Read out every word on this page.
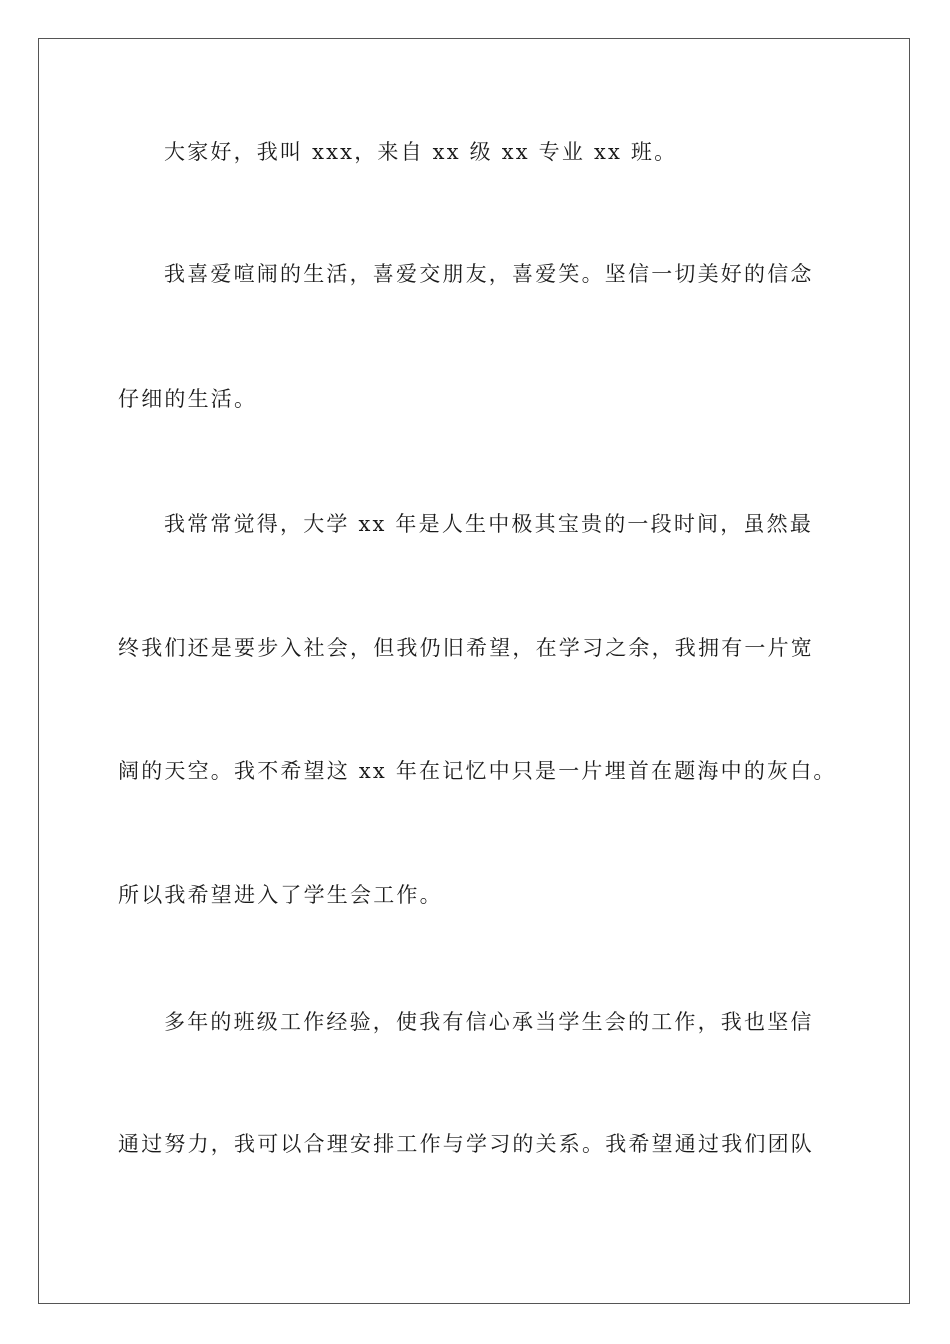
大家好，我叫 xxx，来自 xx 级 xx 专业 xx 班。
我喜爱喧闹的生活，喜爱交朋友，喜爱笑。坚信一切美好的信念
仔细的生活。
我常常觉得，大学 xx 年是人生中极其宝贵的一段时间，虽然最
终我们还是要步入社会，但我仍旧希望，在学习之余，我拥有一片宽
阔的天空。我不希望这 xx 年在记忆中只是一片埋首在题海中的灰白。
所以我希望进入了学生会工作。
多年的班级工作经验，使我有信心承当学生会的工作，我也坚信
通过努力，我可以合理安排工作与学习的关系。我希望通过我们团队
